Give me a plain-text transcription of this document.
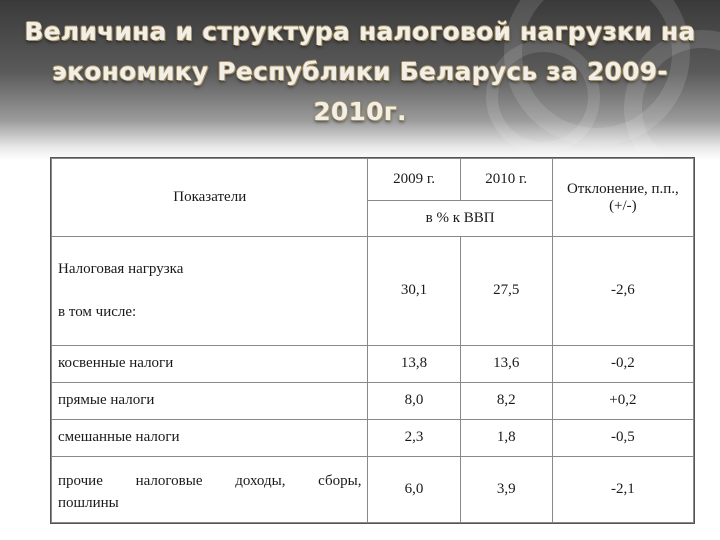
Величина и структура налоговой нагрузки на экономику Республики Беларусь за 2009-2010г.
Показатели	2009 г.	2010 г.	Отклонение, п.п., (+/-)
	в % к ВВП		

Налоговая нагрузка
в том числе:	30,1	27,5	-2,6
косвенные налоги	13,8	13,6	-0,2
прямые налоги	8,0	8,2	+0,2
смешанные налоги	2,3	1,8	-0,5

прочие налоговые доходы, сборы,
пошлины	6,0	3,9	-2,1
